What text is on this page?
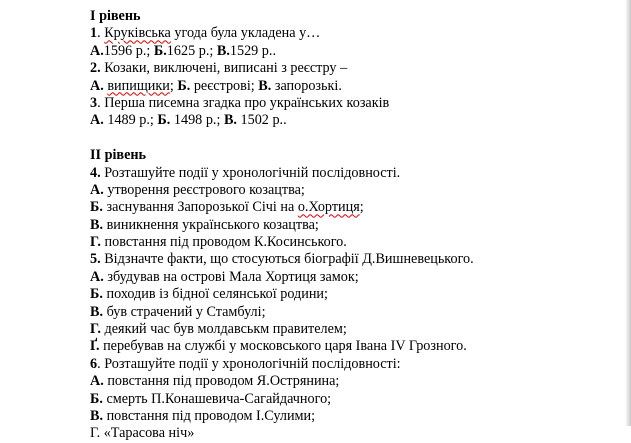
I рівень
1. Круківська угода була укладена у…
А.1596 р.; Б.1625 р.; В.1529 р..
2. Козаки, виключені, виписані з реєстру –
А. випищики; Б. реєстрові; В. запорозькі.
3. Перша писемна згадка про українських козаків
А. 1489 р.; Б. 1498 р.; В. 1502 р..
ІІ рівень
4. Розташуйте події у хронологічній послідовності.
А. утворення реєстрового козацтва;
Б. заснування Запорозької Січі на о.Хортиця;
В. виникнення українського козацтва;
Г. повстання під проводом К.Косинського.
5. Відзначте факти, що стосуються біографії Д.Вишневецького.
А. збудував на острові Мала Хортиця замок;
Б. походив із бідної селянської родини;
В. був страчений у Стамбулі;
Г. деякий час був молдавськм правителем;
Ґ. перебував на службі у московського царя Івана IV Грозного.
6. Розташуйте події у хронологічній послідовності:
А. повстання під проводом Я.Острянина;
Б. смерть П.Конашевича-Сагайдачного;
В. повстання під проводом І.Сулими;
Г. «Тарасова ніч»
